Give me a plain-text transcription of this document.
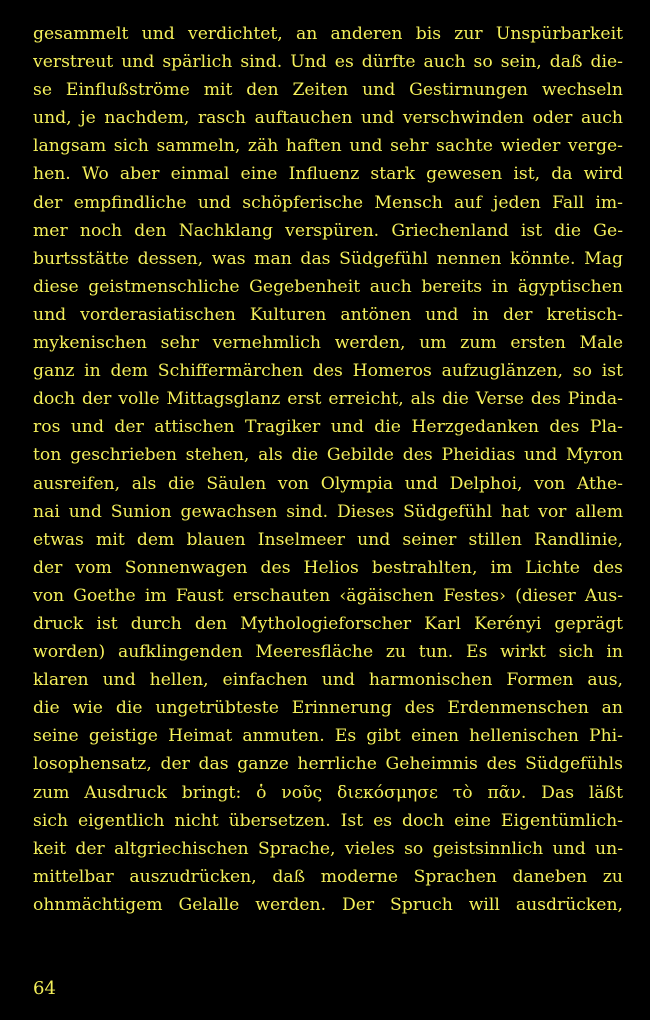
gesammelt und verdichtet, an anderen bis zur Unspürbarkeit
verstreut und spärlich sind. Und es dürfte auch so sein, daß die-
se Einflußströme mit den Zeiten und Gestirnungen wechseln
und, je nachdem, rasch auftauchen und verschwinden oder auch
langsam sich sammeln, zäh haften und sehr sachte wieder verge-
hen. Wo aber einmal eine Influenz stark gewesen ist, da wird
der empfindliche und schöpferische Mensch auf jeden Fall im-
mer noch den Nachklang verspüren. Griechenland ist die Ge-
burtsstätte dessen, was man das Südgefühl nennen könnte. Mag
diese geistmenschliche Gegebenheit auch bereits in ägyptischen
und vorderasiatischen Kulturen antönen und in der kretisch-
mykenischen sehr vernehmlich werden, um zum ersten Male
ganz in dem Schiffermärchen des Homeros aufzuglänzen, so ist
doch der volle Mittagsglanz erst erreicht, als die Verse des Pinda-
ros und der attischen Tragiker und die Herzgedanken des Pla-
ton geschrieben stehen, als die Gebilde des Pheidias und Myron
ausreifen, als die Säulen von Olympia und Delphoi, von Athe-
nai und Sunion gewachsen sind. Dieses Südgefühl hat vor allem
etwas mit dem blauen Inselmeer und seiner stillen Randlinie,
der vom Sonnenwagen des Helios bestrahlten, im Lichte des
von Goethe im Faust erschauten ‹ägäischen Festes› (dieser Aus-
druck ist durch den Mythologieforscher Karl Kerényi geprägt
worden) aufklingenden Meeresfläche zu tun. Es wirkt sich in
klaren und hellen, einfachen und harmonischen Formen aus,
die wie die ungetrübteste Erinnerung des Erdenmenschen an
seine geistige Heimat anmuten. Es gibt einen hellenischen Phi-
losophensatz, der das ganze herrliche Geheimnis des Südgefühls
zum Ausdruck bringt: ὁ νοῦς διεκόσμησε τὸ πᾶν. Das läßt
sich eigentlich nicht übersetzen. Ist es doch eine Eigentümlich-
keit der altgriechischen Sprache, vieles so geistsinnlich und un-
mittelbar auszudrücken, daß moderne Sprachen daneben zu
ohnmächtigem Gelalle werden. Der Spruch will ausdrücken,
64
